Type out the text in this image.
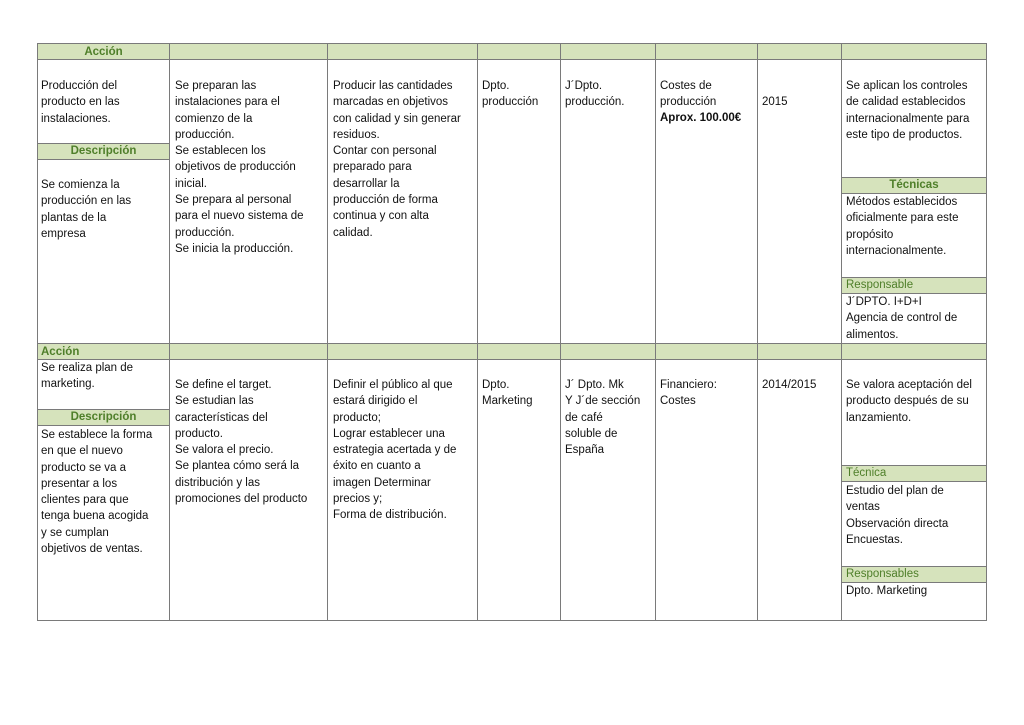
Acción
Producción del
producto en las
instalaciones.
Descripción
Se comienza la
producción en las
plantas de la
empresa
Se preparan las
instalaciones para el
comienzo de la
producción.
Se establecen los
objetivos de producción
inicial.
Se prepara al personal
para el nuevo sistema de
producción.
Se inicia la producción.
Producir las cantidades
marcadas en objetivos
con calidad y sin generar
residuos.
Contar con personal
preparado para
desarrollar la
producción de forma
continua y con alta
calidad.
Dpto.
producción
J´Dpto.
producción.
Costes de
producción
Aprox. 100.00€
2015
Se aplican los controles
de calidad establecidos
internacionalmente para
este tipo de productos.
Técnicas
Métodos establecidos
oficialmente para este
propósito
internacionalmente.
Responsable
J´DPTO. I+D+I
Agencia de control de
alimentos.
Acción
Se realiza plan de
marketing.
Descripción
Se establece la forma
en que el nuevo
producto se va a
presentar a los
clientes para que
tenga buena acogida
y se cumplan
objetivos de ventas.
Se define el target.
Se estudian las
características del
producto.
Se valora el precio.
Se plantea cómo será la
distribución y las
promociones del producto
Definir el público al que
estará dirigido el
producto;
Lograr establecer una
estrategia acertada y de
éxito en cuanto a
imagen Determinar
precios y;
Forma de distribución.
Dpto.
Marketing
J´ Dpto. Mk
Y J´de sección
de café
soluble de
España
Financiero:
Costes
2014/2015	Se valora aceptación del
producto después de su
lanzamiento.
Técnica
Estudio del plan de
ventas
Observación directa
Encuestas.
Responsables
Dpto. Marketing
